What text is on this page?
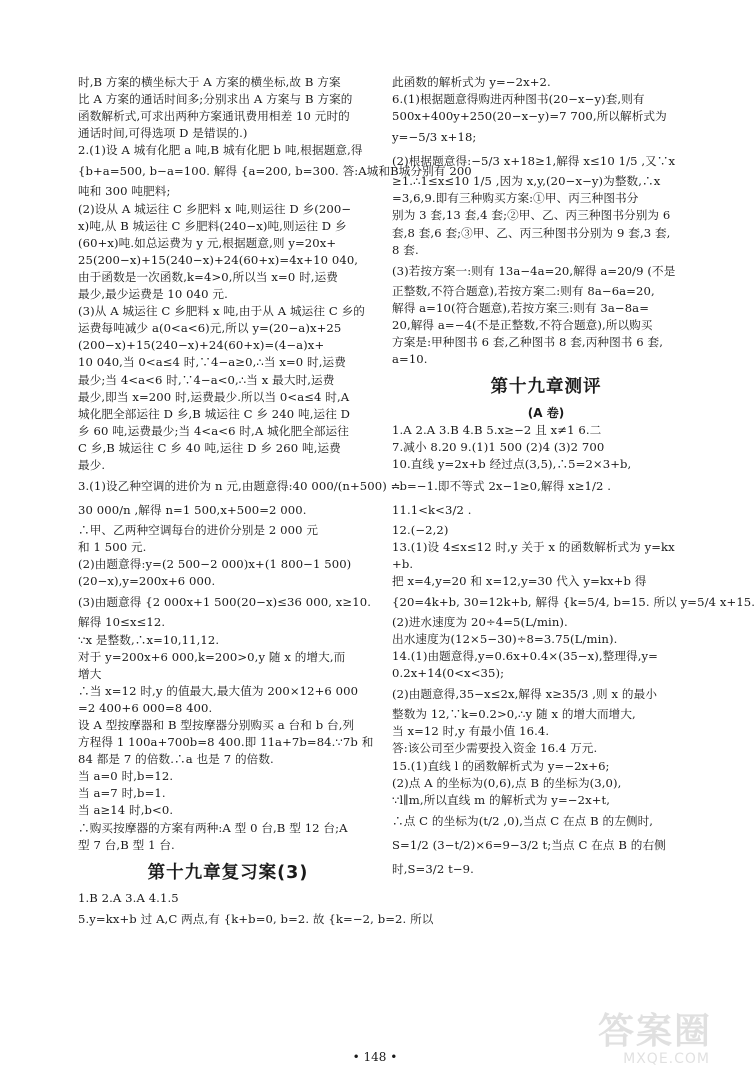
时,B 方案的横坐标大于 A 方案的横坐标,故 B 方案
比 A 方案的通话时间多;分别求出 A 方案与 B 方案的
函数解析式,可求出两种方案通讯费用相差 10 元时的
通话时间,可得选项 D 是错误的.)
2.(1)设 A 城有化肥 a 吨,B 城有化肥 b 吨,根据题意,得
{b+a=500, b−a=100. 解得 {a=200, b=300. 答:A城和B城分别有 200
吨和 300 吨肥料;
(2)设从 A 城运往 C 乡肥料 x 吨,则运往 D 乡(200−
x)吨,从 B 城运往 C 乡肥料(240−x)吨,则运往 D 乡
(60+x)吨.如总运费为 y 元,根据题意,则 y=20x+
25(200−x)+15(240−x)+24(60+x)=4x+10 040,
由于函数是一次函数,k=4>0,所以当 x=0 时,运费
最少,最少运费是 10 040 元.
(3)从 A 城运往 C 乡肥料 x 吨,由于从 A 城运往 C 乡的
运费每吨减少 a(0<a<6)元,所以 y=(20−a)x+25
(200−x)+15(240−x)+24(60+x)=(4−a)x+
10 040,当 0<a≤4 时,∵4−a≥0,∴当 x=0 时,运费
最少;当 4<a<6 时,∵4−a<0,∴当 x 最大时,运费
最少,即当 x=200 时,运费最少.所以当 0<a≤4 时,A
城化肥全部运往 D 乡,B 城运往 C 乡 240 吨,运往 D
乡 60 吨,运费最少;当 4<a<6 时,A 城化肥全部运往
C 乡,B 城运往 C 乡 40 吨,运往 D 乡 260 吨,运费
最少.
3.(1)设乙种空调的进价为 n 元,由题意得:40 000/(n+500) =
30 000/n ,解得 n=1 500,x+500=2 000.
∴甲、乙两种空调每台的进价分别是 2 000 元
和 1 500 元.
(2)由题意得:y=(2 500−2 000)x+(1 800−1 500)
(20−x),y=200x+6 000.
(3)由题意得 {2 000x+1 500(20−x)≤36 000, x≥10.
解得 10≤x≤12.
∵x 是整数,∴x=10,11,12.
对于 y=200x+6 000,k=200>0,y 随 x 的增大,而
增大
∴当 x=12 时,y 的值最大,最大值为 200×12+6 000
=2 400+6 000=8 400.
设 A 型按摩器和 B 型按摩器分别购买 a 台和 b 台,列
方程得 1 100a+700b=8 400.即 11a+7b=84.∵7b 和
84 都是 7 的倍数.∴a 也是 7 的倍数.
当 a=0 时,b=12.
当 a=7 时,b=1.
当 a≥14 时,b<0.
∴购买按摩器的方案有两种:A 型 0 台,B 型 12 台;A
型 7 台,B 型 1 台.
第十九章复习案(3)
1.B 2.A 3.A 4.1.5
5.y=kx+b 过 A,C 两点,有 {k+b=0, b=2. 故 {k=−2, b=2. 所以
此函数的解析式为 y=−2x+2.
6.(1)根据题意得购进丙种图书(20−x−y)套,则有
500x+400y+250(20−x−y)=7 700,所以解析式为
y=−5/3 x+18;
(2)根据题意得:−5/3 x+18≥1,解得 x≤10 1/5 ,又∵x
≥1.∴1≤x≤10 1/5 ,因为 x,y,(20−x−y)为整数,∴x
=3,6,9.即有三种购买方案:①甲、丙三种图书分
别为 3 套,13 套,4 套;②甲、乙、丙三种图书分别为 6
套,8 套,6 套;③甲、乙、丙三种图书分别为 9 套,3 套,
8 套.
(3)若按方案一:则有 13a−4a=20,解得 a=20/9 (不是
正整数,不符合题意),若按方案二:则有 8a−6a=20,
解得 a=10(符合题意),若按方案三:则有 3a−8a=
20,解得 a=−4(不是正整数,不符合题意),所以购买
方案是:甲种图书 6 套,乙种图书 8 套,丙种图书 6 套,
a=10.
第十九章测评
(A 卷)
1.A 2.A 3.B 4.B 5.x≥−2 且 x≠1 6.二
7.减小 8.20 9.(1)1 500 (2)4 (3)2 700
10.直线 y=2x+b 经过点(3,5),∴5=2×3+b,
∴b=−1.即不等式 2x−1≥0,解得 x≥1/2 .
11.1<k<3/2 .
12.(−2,2)
13.(1)设 4≤x≤12 时,y 关于 x 的函数解析式为 y=kx
+b.
把 x=4,y=20 和 x=12,y=30 代入 y=kx+b 得
{20=4k+b, 30=12k+b, 解得 {k=5/4, b=15. 所以 y=5/4 x+15.
(2)进水速度为 20÷4=5(L/min).
出水速度为(12×5−30)÷8=3.75(L/min).
14.(1)由题意得,y=0.6x+0.4×(35−x),整理得,y=
0.2x+14(0<x<35);
(2)由题意得,35−x≤2x,解得 x≥35/3 ,则 x 的最小
整数为 12,∵k=0.2>0,∴y 随 x 的增大而增大,
当 x=12 时,y 有最小值 16.4.
答:该公司至少需要投入资金 16.4 万元.
15.(1)直线 l 的函数解析式为 y=−2x+6;
(2)点 A 的坐标为(0,6),点 B 的坐标为(3,0),
∵l∥m,所以直线 m 的解析式为 y=−2x+t,
∴点 C 的坐标为(t/2 ,0),当点 C 在点 B 的左侧时,
S=1/2 (3−t/2)×6=9−3/2 t;当点 C 在点 B 的右侧
时,S=3/2 t−9.
• 148 •
答案圈
MXQE.COM
